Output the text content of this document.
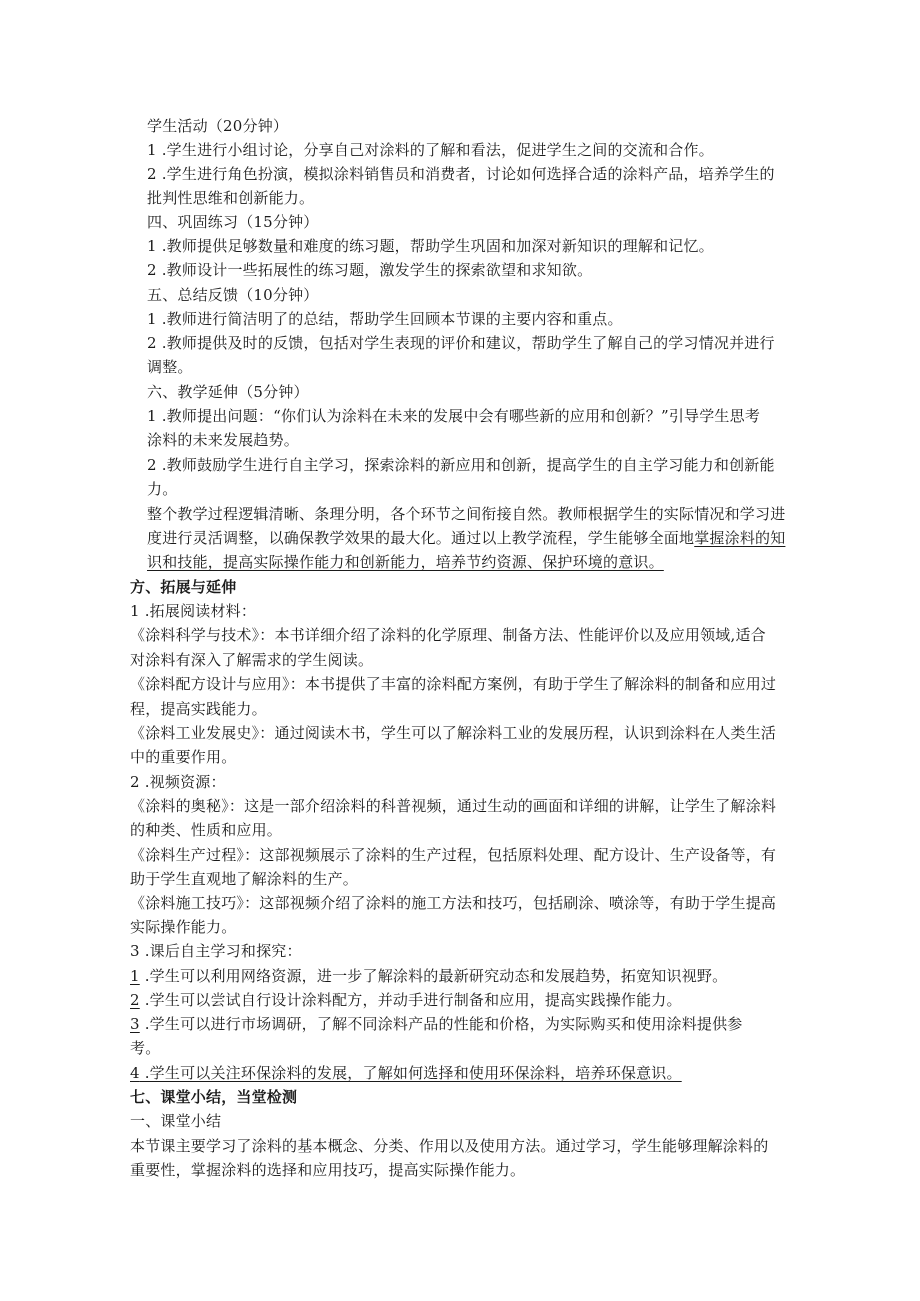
学生活动（20分钟）
1 .学生进行小组讨论，分享自己对涂料的了解和看法，促进学生之间的交流和合作。
2 .学生进行角色扮演，模拟涂料销售员和消费者，讨论如何选择合适的涂料产品，培养学生的
批判性思维和创新能力。
四、巩固练习（15分钟）
1 .教师提供足够数量和难度的练习题，帮助学生巩固和加深对新知识的理解和记忆。
2 .教师设计一些拓展性的练习题，激发学生的探索欲望和求知欲。
五、总结反馈（10分钟）
1 .教师进行简洁明了的总结，帮助学生回顾本节课的主要内容和重点。
2 .教师提供及时的反馈，包括对学生表现的评价和建议，帮助学生了解自己的学习情况并进行
调整。
六、教学延伸（5分钟）
1 .教师提出问题：“你们认为涂料在未来的发展中会有哪些新的应用和创新？”引导学生思考
涂料的未来发展趋势。
2 .教师鼓励学生进行自主学习，探索涂料的新应用和创新，提高学生的自主学习能力和创新能
力。
整个教学过程逻辑清晰、条理分明，各个环节之间衔接自然。教师根据学生的实际情况和学习进
度进行灵活调整，以确保教学效果的最大化。通过以上教学流程，学生能够全面地掌握涂料的知
识和技能，提高实际操作能力和创新能力，培养节约资源、保护环境的意识。
方、拓展与延伸
1 .拓展阅读材料：
《涂料科学与技术》：本书详细介绍了涂料的化学原理、制备方法、性能评价以及应用领域,适合
对涂料有深入了解需求的学生阅读。
《涂料配方设计与应用》：本书提供了丰富的涂料配方案例，有助于学生了解涂料的制备和应用过
程，提高实践能力。
《涂料工业发展史》：通过阅读木书，学生可以了解涂料工业的发展历程，认识到涂料在人类生活
中的重要作用。
2 .视频资源：
《涂料的奥秘》：这是一部介绍涂料的科普视频，通过生动的画面和详细的讲解，让学生了解涂料
的种类、性质和应用。
《涂料生产过程》：这部视频展示了涂料的生产过程，包括原料处理、配方设计、生产设备等，有
助于学生直观地了解涂料的生产。
《涂料施工技巧》：这部视频介绍了涂料的施工方法和技巧，包括刷涂、喷涂等，有助于学生提高
实际操作能力。
3 .课后自主学习和探究：
1 .学生可以利用网络资源，进一步了解涂料的最新研究动态和发展趋势，拓宽知识视野。
2 .学生可以尝试自行设计涂料配方，并动手进行制备和应用，提高实践操作能力。
3 .学生可以进行市场调研，了解不同涂料产品的性能和价格，为实际购买和使用涂料提供参
考。
4 .学生可以关注环保涂料的发展，了解如何选择和使用环保涂料，培养环保意识。
七、课堂小结，当堂检测
一、课堂小结
本节课主要学习了涂料的基本概念、分类、作用以及使用方法。通过学习，学生能够理解涂料的
重要性，掌握涂料的选择和应用技巧，提高实际操作能力。
